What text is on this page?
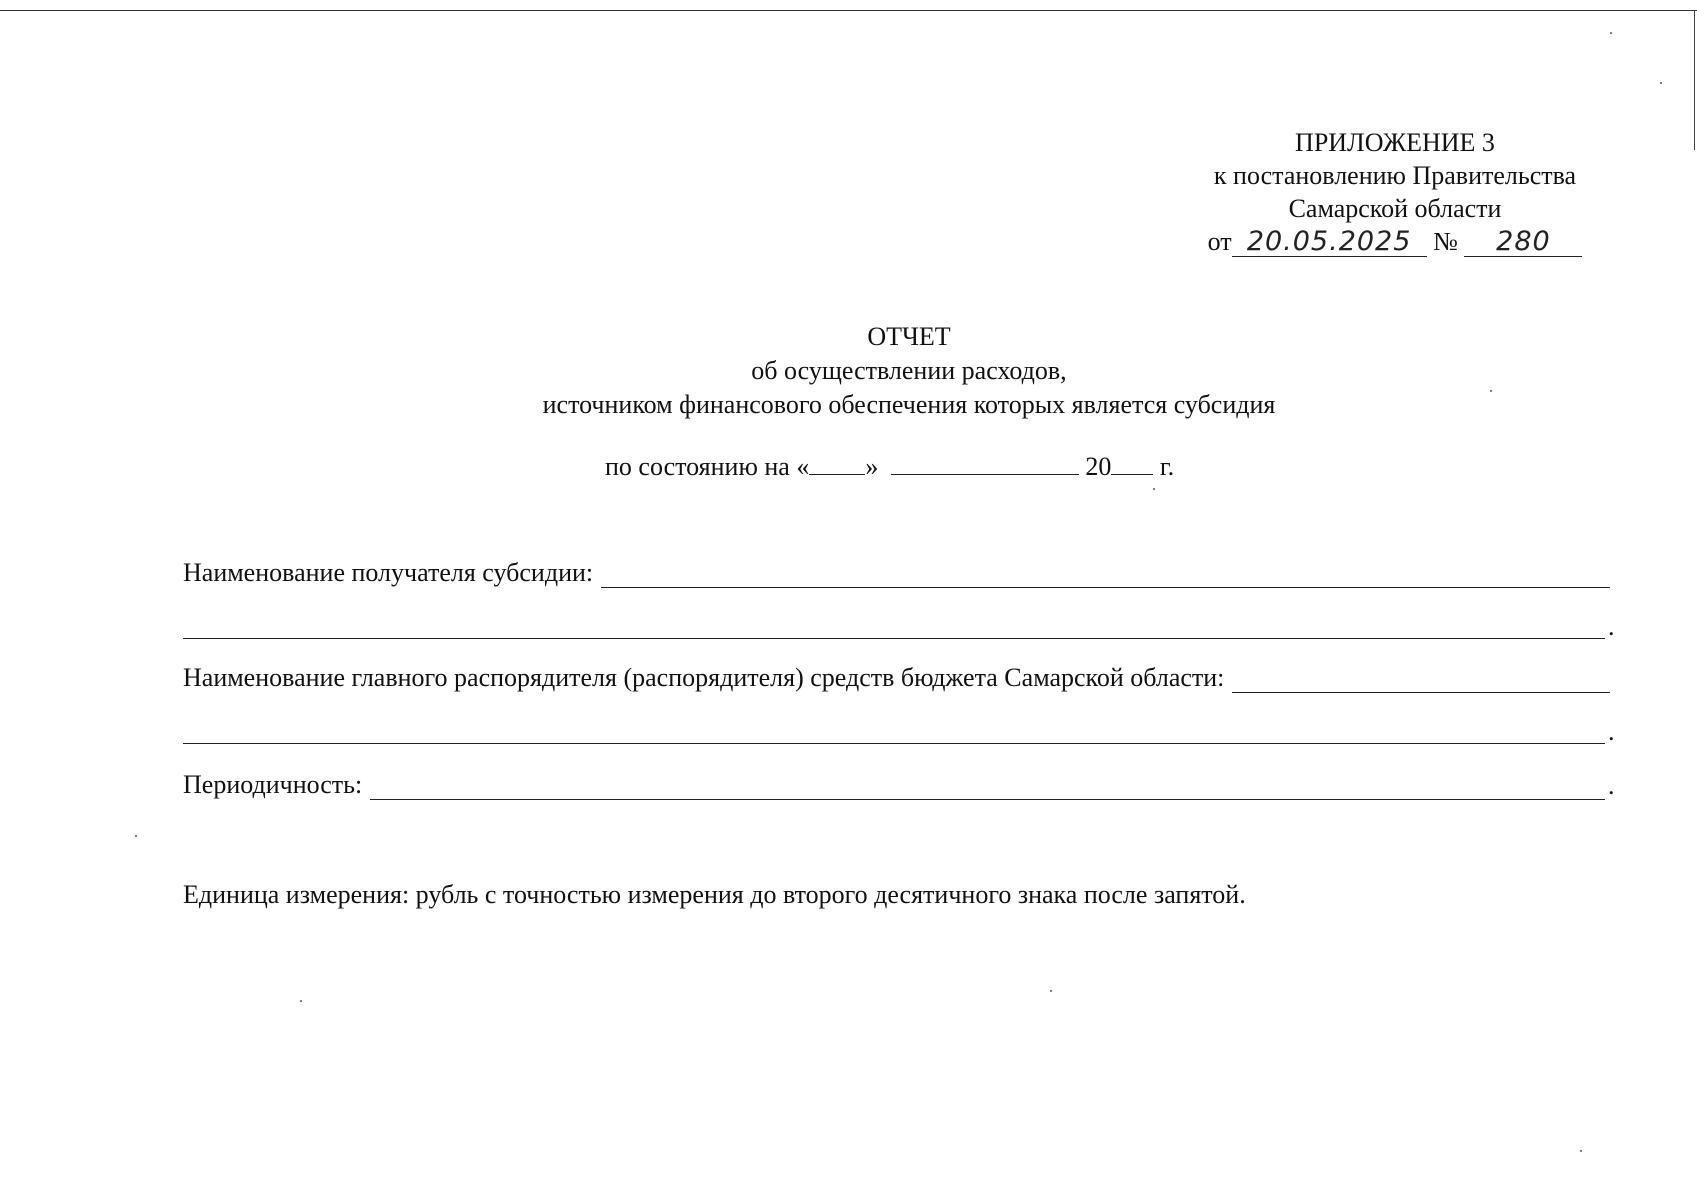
ПРИЛОЖЕНИЕ 3
к постановлению Правительства
Самарской области
от 20.05.2025 № 280
ОТЧЕТ
об осуществлении расходов,
источником финансового обеспечения которых является субсидия
по состоянию на « »	20 г.
Наименование получателя субсидии:
.
Наименование главного распорядителя (распорядителя) средств бюджета Самарской области:
.
Периодичность:	.
Единица измерения: рубль с точностью измерения до второго десятичного знака после запятой.
